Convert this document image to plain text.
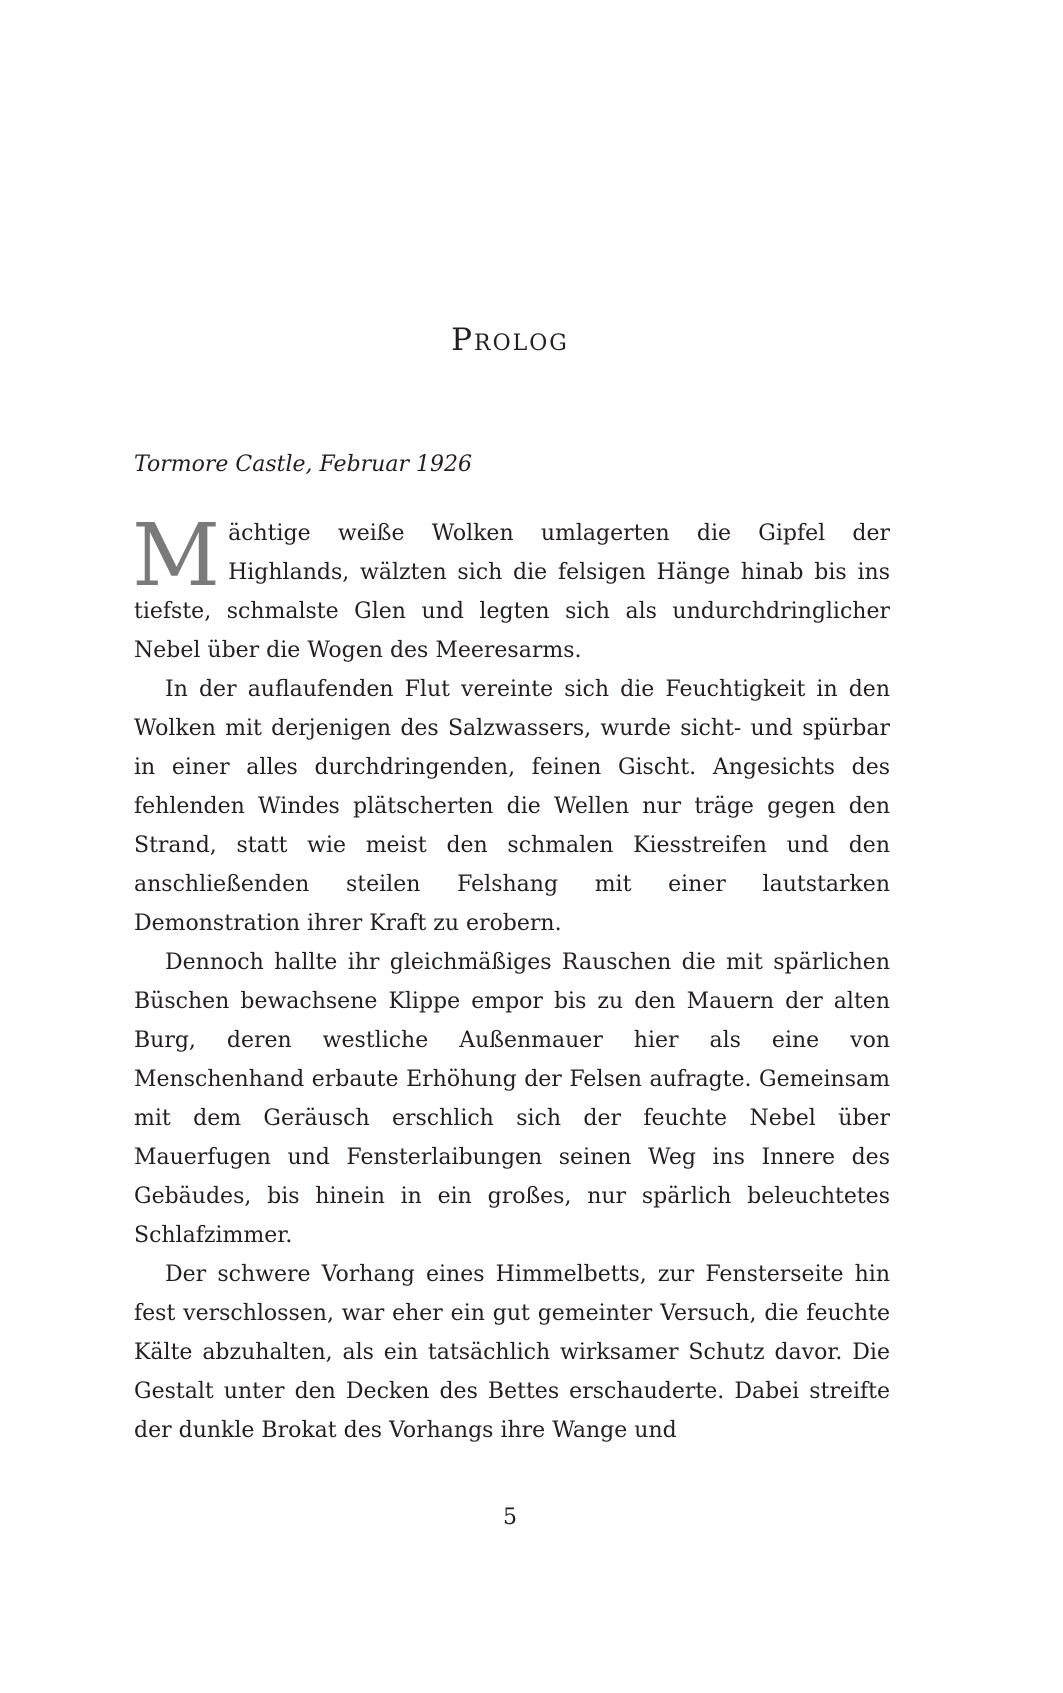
Prolog
Tormore Castle, Februar 1926

Mächtige weiße Wolken umlagerten die Gipfel der Highlands, wälzten sich die felsigen Hänge hinab bis ins tiefste, schmalste Glen und legten sich als undurchdringlicher Nebel über die Wogen des Meeresarms.

In der auflaufenden Flut vereinte sich die Feuchtigkeit in den Wolken mit derjenigen des Salzwassers, wurde sicht- und spürbar in einer alles durchdringenden, feinen Gischt. Angesichts des fehlenden Windes plätscherten die Wellen nur träge gegen den Strand, statt wie meist den schmalen Kiesstreifen und den anschließenden steilen Felshang mit einer lautstarken Demonstration ihrer Kraft zu erobern.

Dennoch hallte ihr gleichmäßiges Rauschen die mit spärlichen Büschen bewachsene Klippe empor bis zu den Mauern der alten Burg, deren westliche Außenmauer hier als eine von Menschenhand erbaute Erhöhung der Felsen aufragte. Gemeinsam mit dem Geräusch erschlich sich der feuchte Nebel über Mauerfugen und Fensterlaibungen seinen Weg ins Innere des Gebäudes, bis hinein in ein großes, nur spärlich beleuchtetes Schlafzimmer.

Der schwere Vorhang eines Himmelbetts, zur Fensterseite hin fest verschlossen, war eher ein gut gemeinter Versuch, die feuchte Kälte abzuhalten, als ein tatsächlich wirksamer Schutz davor. Die Gestalt unter den Decken des Bettes erschauderte. Dabei streifte der dunkle Brokat des Vorhangs ihre Wange und

5
